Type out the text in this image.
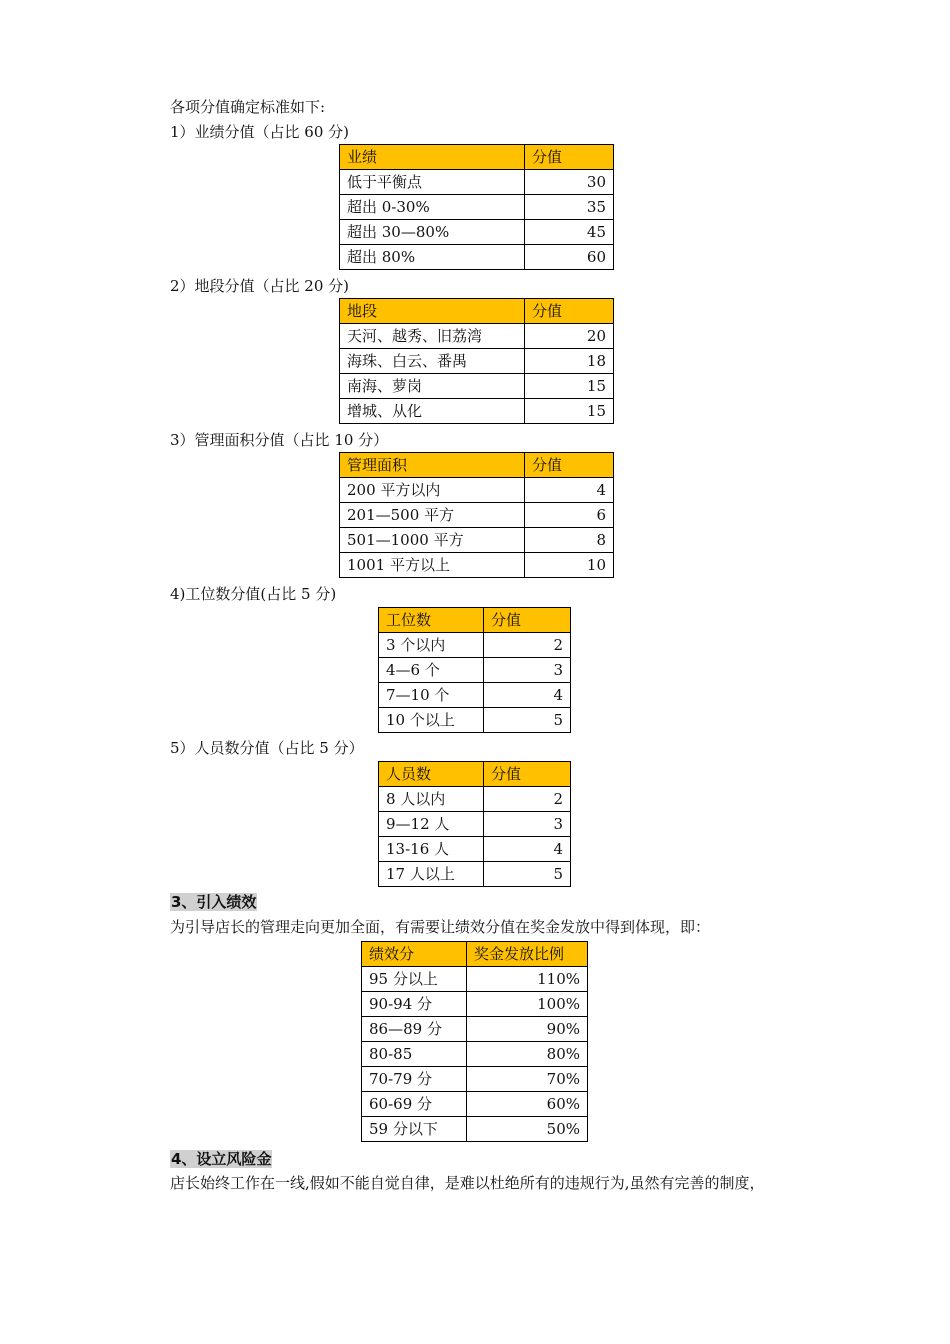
各项分值确定标准如下:
1）业绩分值（占比 60 分)
业绩	分值
低于平衡点	30
超出 0-30%	35
超出 30—80%	45
超出 80%	60
2）地段分值（占比 20 分)
地段	分值
天河、越秀、旧荔湾	20
海珠、白云、番禺	18
南海、萝岗	15
增城、从化	15
3）管理面积分值（占比 10 分）
管理面积	分值
200 平方以内	4
201—500 平方	6
501—1000 平方	8
1001 平方以上	10
4)工位数分值(占比 5 分)
工位数	分值
3 个以内	2
4—6 个	3
7—10 个	4
10 个以上	5
5）人员数分值（占比 5 分）
人员数	分值
8 人以内	2
9—12 人	3
13-16 人	4
17 人以上	5
3、引入绩效
为引导店长的管理走向更加全面，有需要让绩效分值在奖金发放中得到体现，即：
绩效分	奖金发放比例
95 分以上	110%
90-94 分	100%
86—89 分	90%
80-85	80%
70-79 分	70%
60-69 分	60%
59 分以下	50%
4、设立风险金
店长始终工作在一线,假如不能自觉自律，是难以杜绝所有的违规行为,虽然有完善的制度，
